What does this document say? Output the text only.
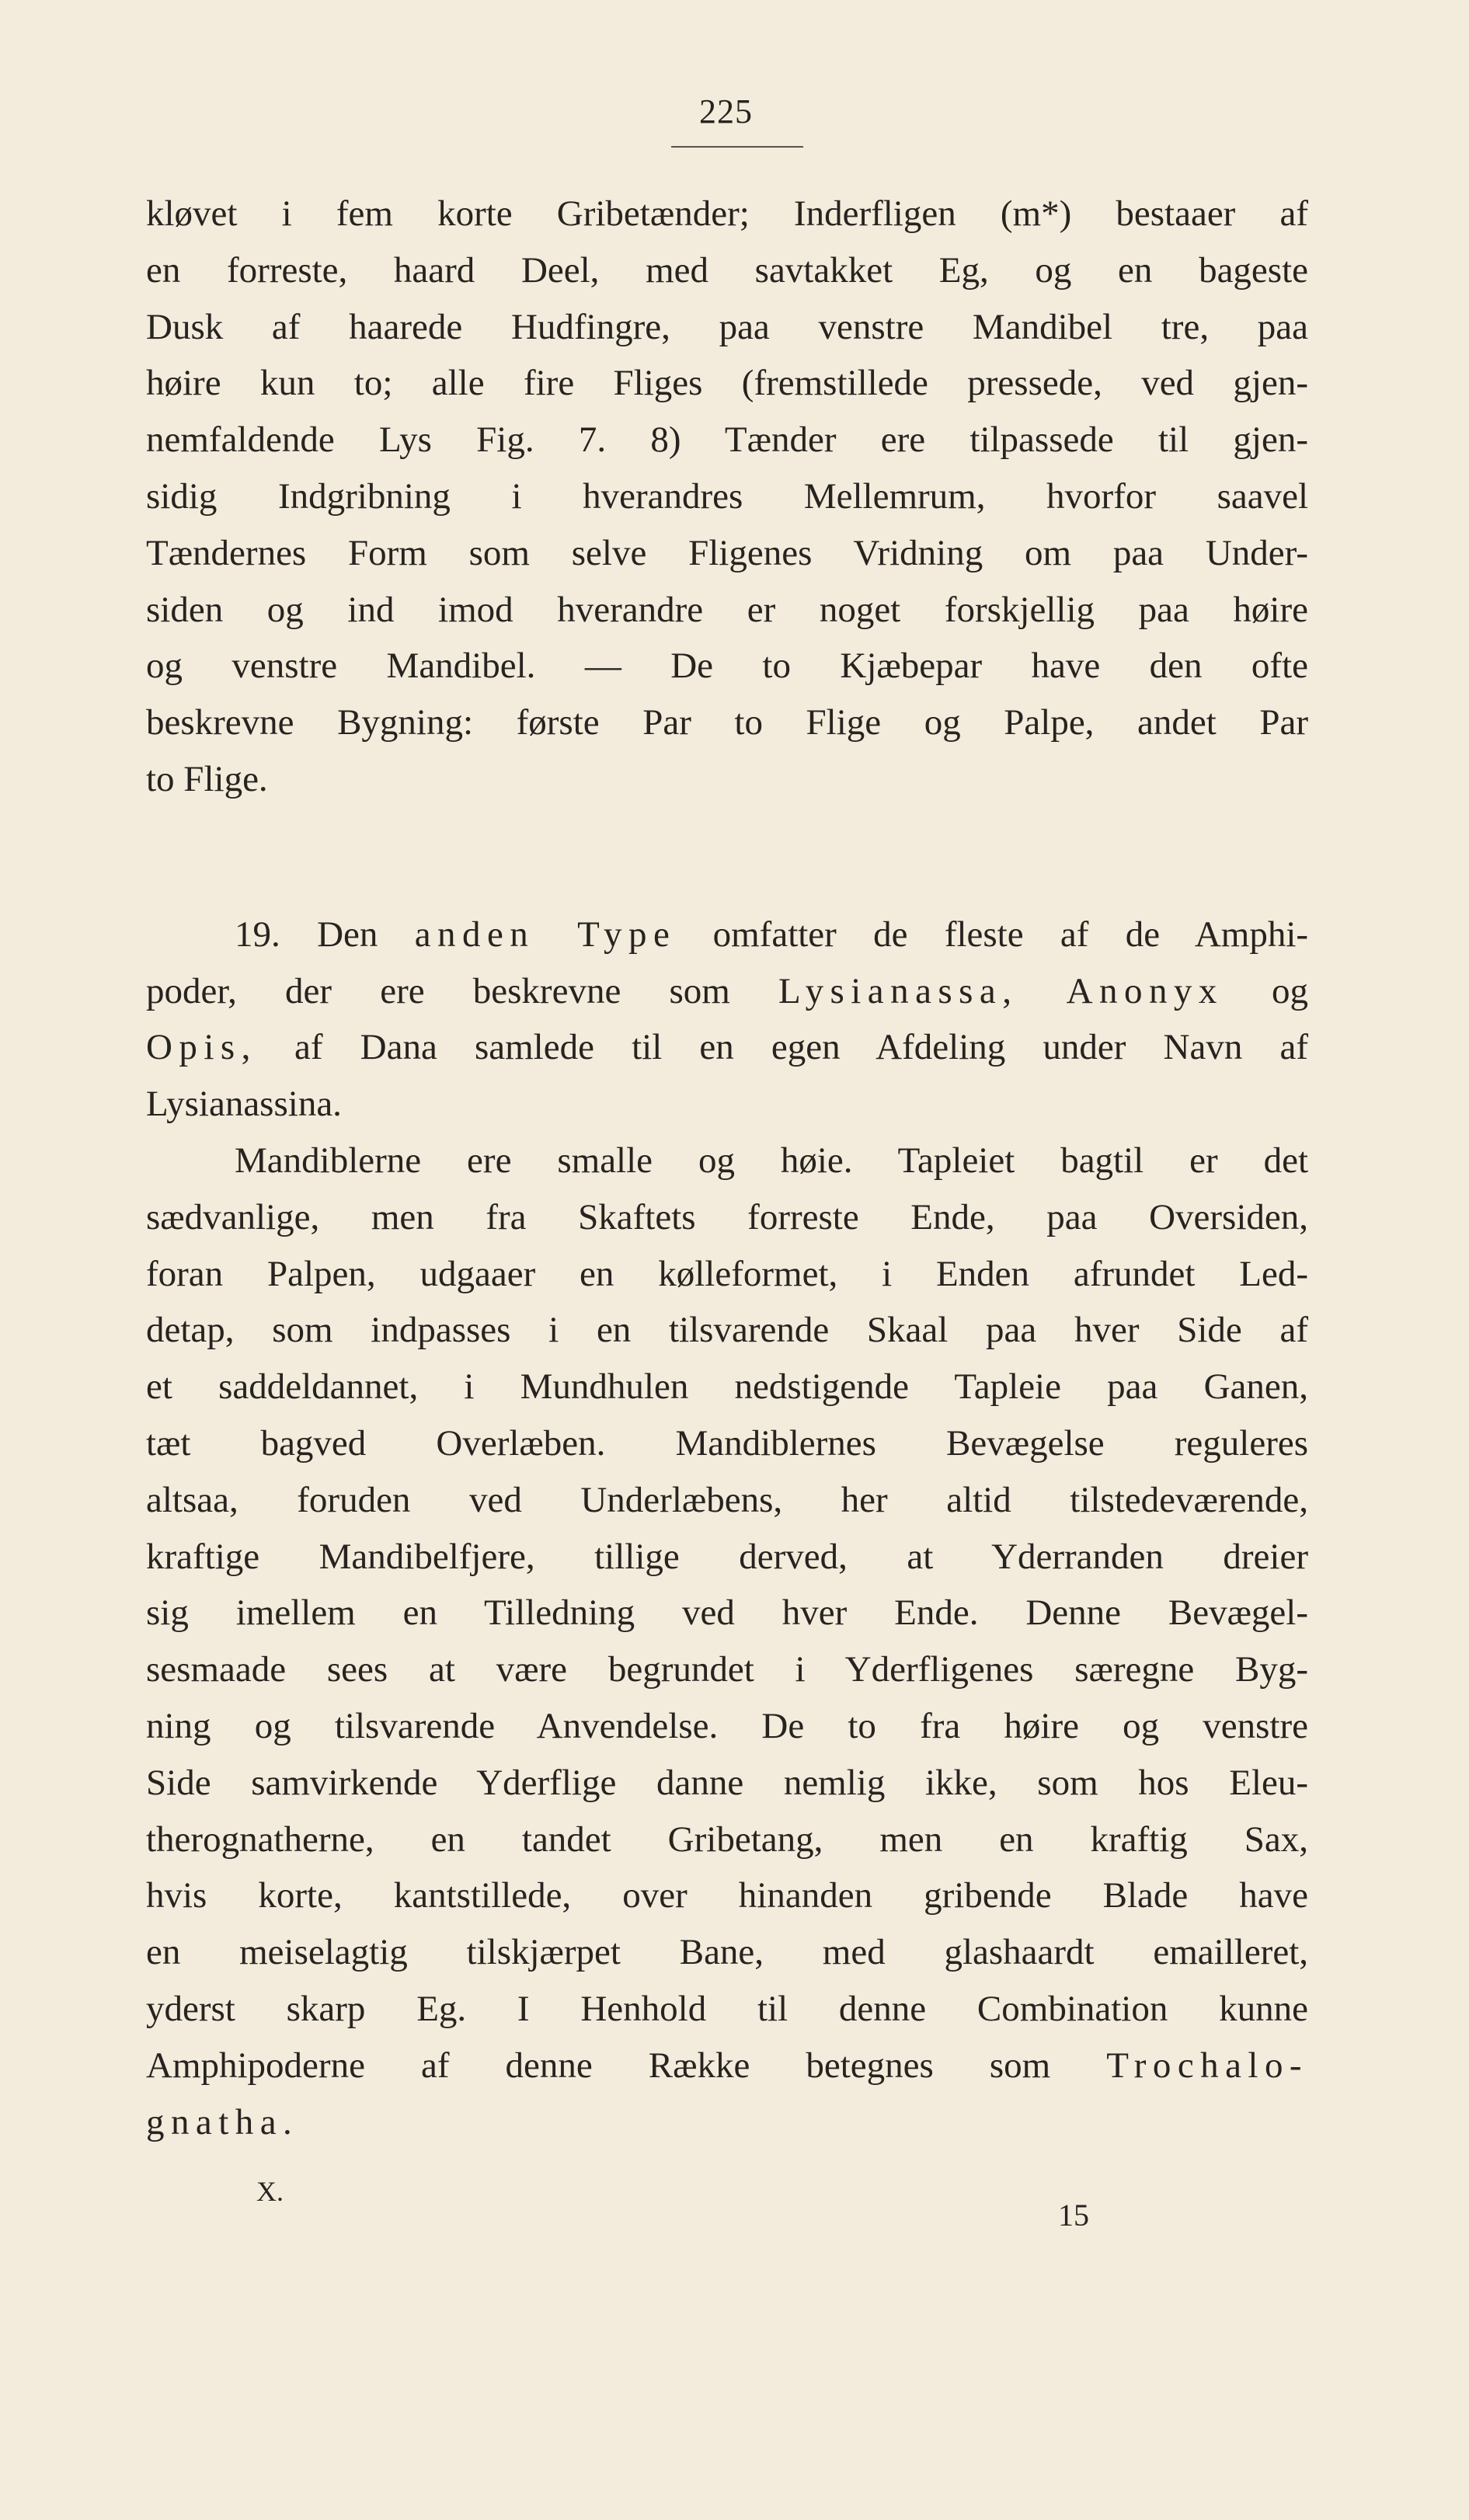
225
kløvet i fem korte Gribetænder; Inderfligen (m*) bestaaer af
en forreste, haard Deel, med savtakket Eg, og en bageste
Dusk af haarede Hudfingre, paa venstre Mandibel tre, paa
høire kun to; alle fire Fliges (fremstillede pressede, ved gjen-
nemfaldende Lys Fig. 7. 8) Tænder ere tilpassede til gjen-
sidig Indgribning i hverandres Mellemrum, hvorfor saavel
Tændernes Form som selve Fligenes Vridning om paa Under-
siden og ind imod hverandre er noget forskjellig paa høire
og venstre Mandibel. — De to Kjæbepar have den ofte
beskrevne Bygning: første Par to Flige og Palpe, andet Par
to Flige.
19. Den anden Type omfatter de fleste af de Amphi-
poder, der ere beskrevne som Lysianassa, Anonyx og
Opis, af Dana samlede til en egen Afdeling under Navn af
Lysianassina.
Mandiblerne ere smalle og høie. Tapleiet bagtil er det
sædvanlige, men fra Skaftets forreste Ende, paa Oversiden,
foran Palpen, udgaaer en kølleformet, i Enden afrundet Led-
detap, som indpasses i en tilsvarende Skaal paa hver Side af
et saddeldannet, i Mundhulen nedstigende Tapleie paa Ganen,
tæt bagved Overlæben. Mandiblernes Bevægelse reguleres
altsaa, foruden ved Underlæbens, her altid tilstedeværende,
kraftige Mandibelfjere, tillige derved, at Yderranden dreier
sig imellem en Tilledning ved hver Ende. Denne Bevægel-
sesmaade sees at være begrundet i Yderfligenes særegne Byg-
ning og tilsvarende Anvendelse. De to fra høire og venstre
Side samvirkende Yderflige danne nemlig ikke, som hos Eleu-
therognatherne, en tandet Gribetang, men en kraftig Sax,
hvis korte, kantstillede, over hinanden gribende Blade have
en meiselagtig tilskjærpet Bane, med glashaardt emailleret,
yderst skarp Eg. I Henhold til denne Combination kunne
Amphipoderne af denne Række betegnes som Trochalo-
gnatha.
X.
15
